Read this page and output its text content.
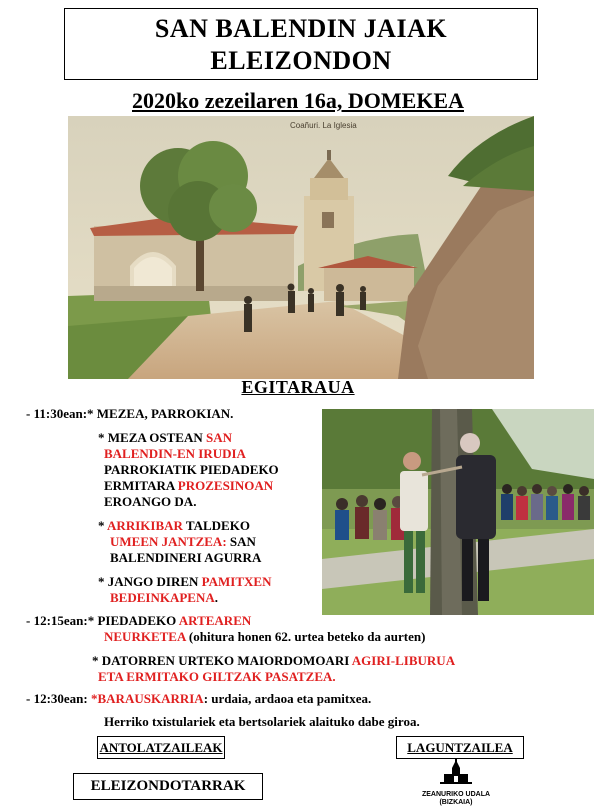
SAN BALENDIN JAIAK
ELEIZONDON
2020ko zezeilaren 16a, DOMEKEA
Coañuri. La Iglesia
EGITARAUA
- 11:30ean:* MEZEA, PARROKIAN.
* MEZA OSTEAN SAN
BALENDIN-EN IRUDIA
PARROKIATIK PIEDADEKO
ERMITARA PROZESINOAN
EROANGO DA.
* ARRIKIBAR TALDEKO
UMEEN JANTZEA: SAN
BALENDINERI AGURRA
* JANGO DIREN PAMITXEN
BEDEINKAPENA.
- 12:15ean:* PIEDADEKO ARTEAREN
NEURKETEA (ohitura honen 62. urtea beteko da aurten)
* DATORREN URTEKO MAIORDOMOARI AGIRI-LIBURUA
ETA ERMITAKO GILTZAK PASATZEA.
- 12:30ean: *BARAUSKARRIA: urdaia, ardaoa eta pamitxea.
Herriko txistulariek eta bertsolariek alaituko dabe giroa.
ANTOLATZAILEAK
ELEIZONDOTARRAK
LAGUNTZAILEA
ZEANURIKO UDALA
(BIZKAIA)
